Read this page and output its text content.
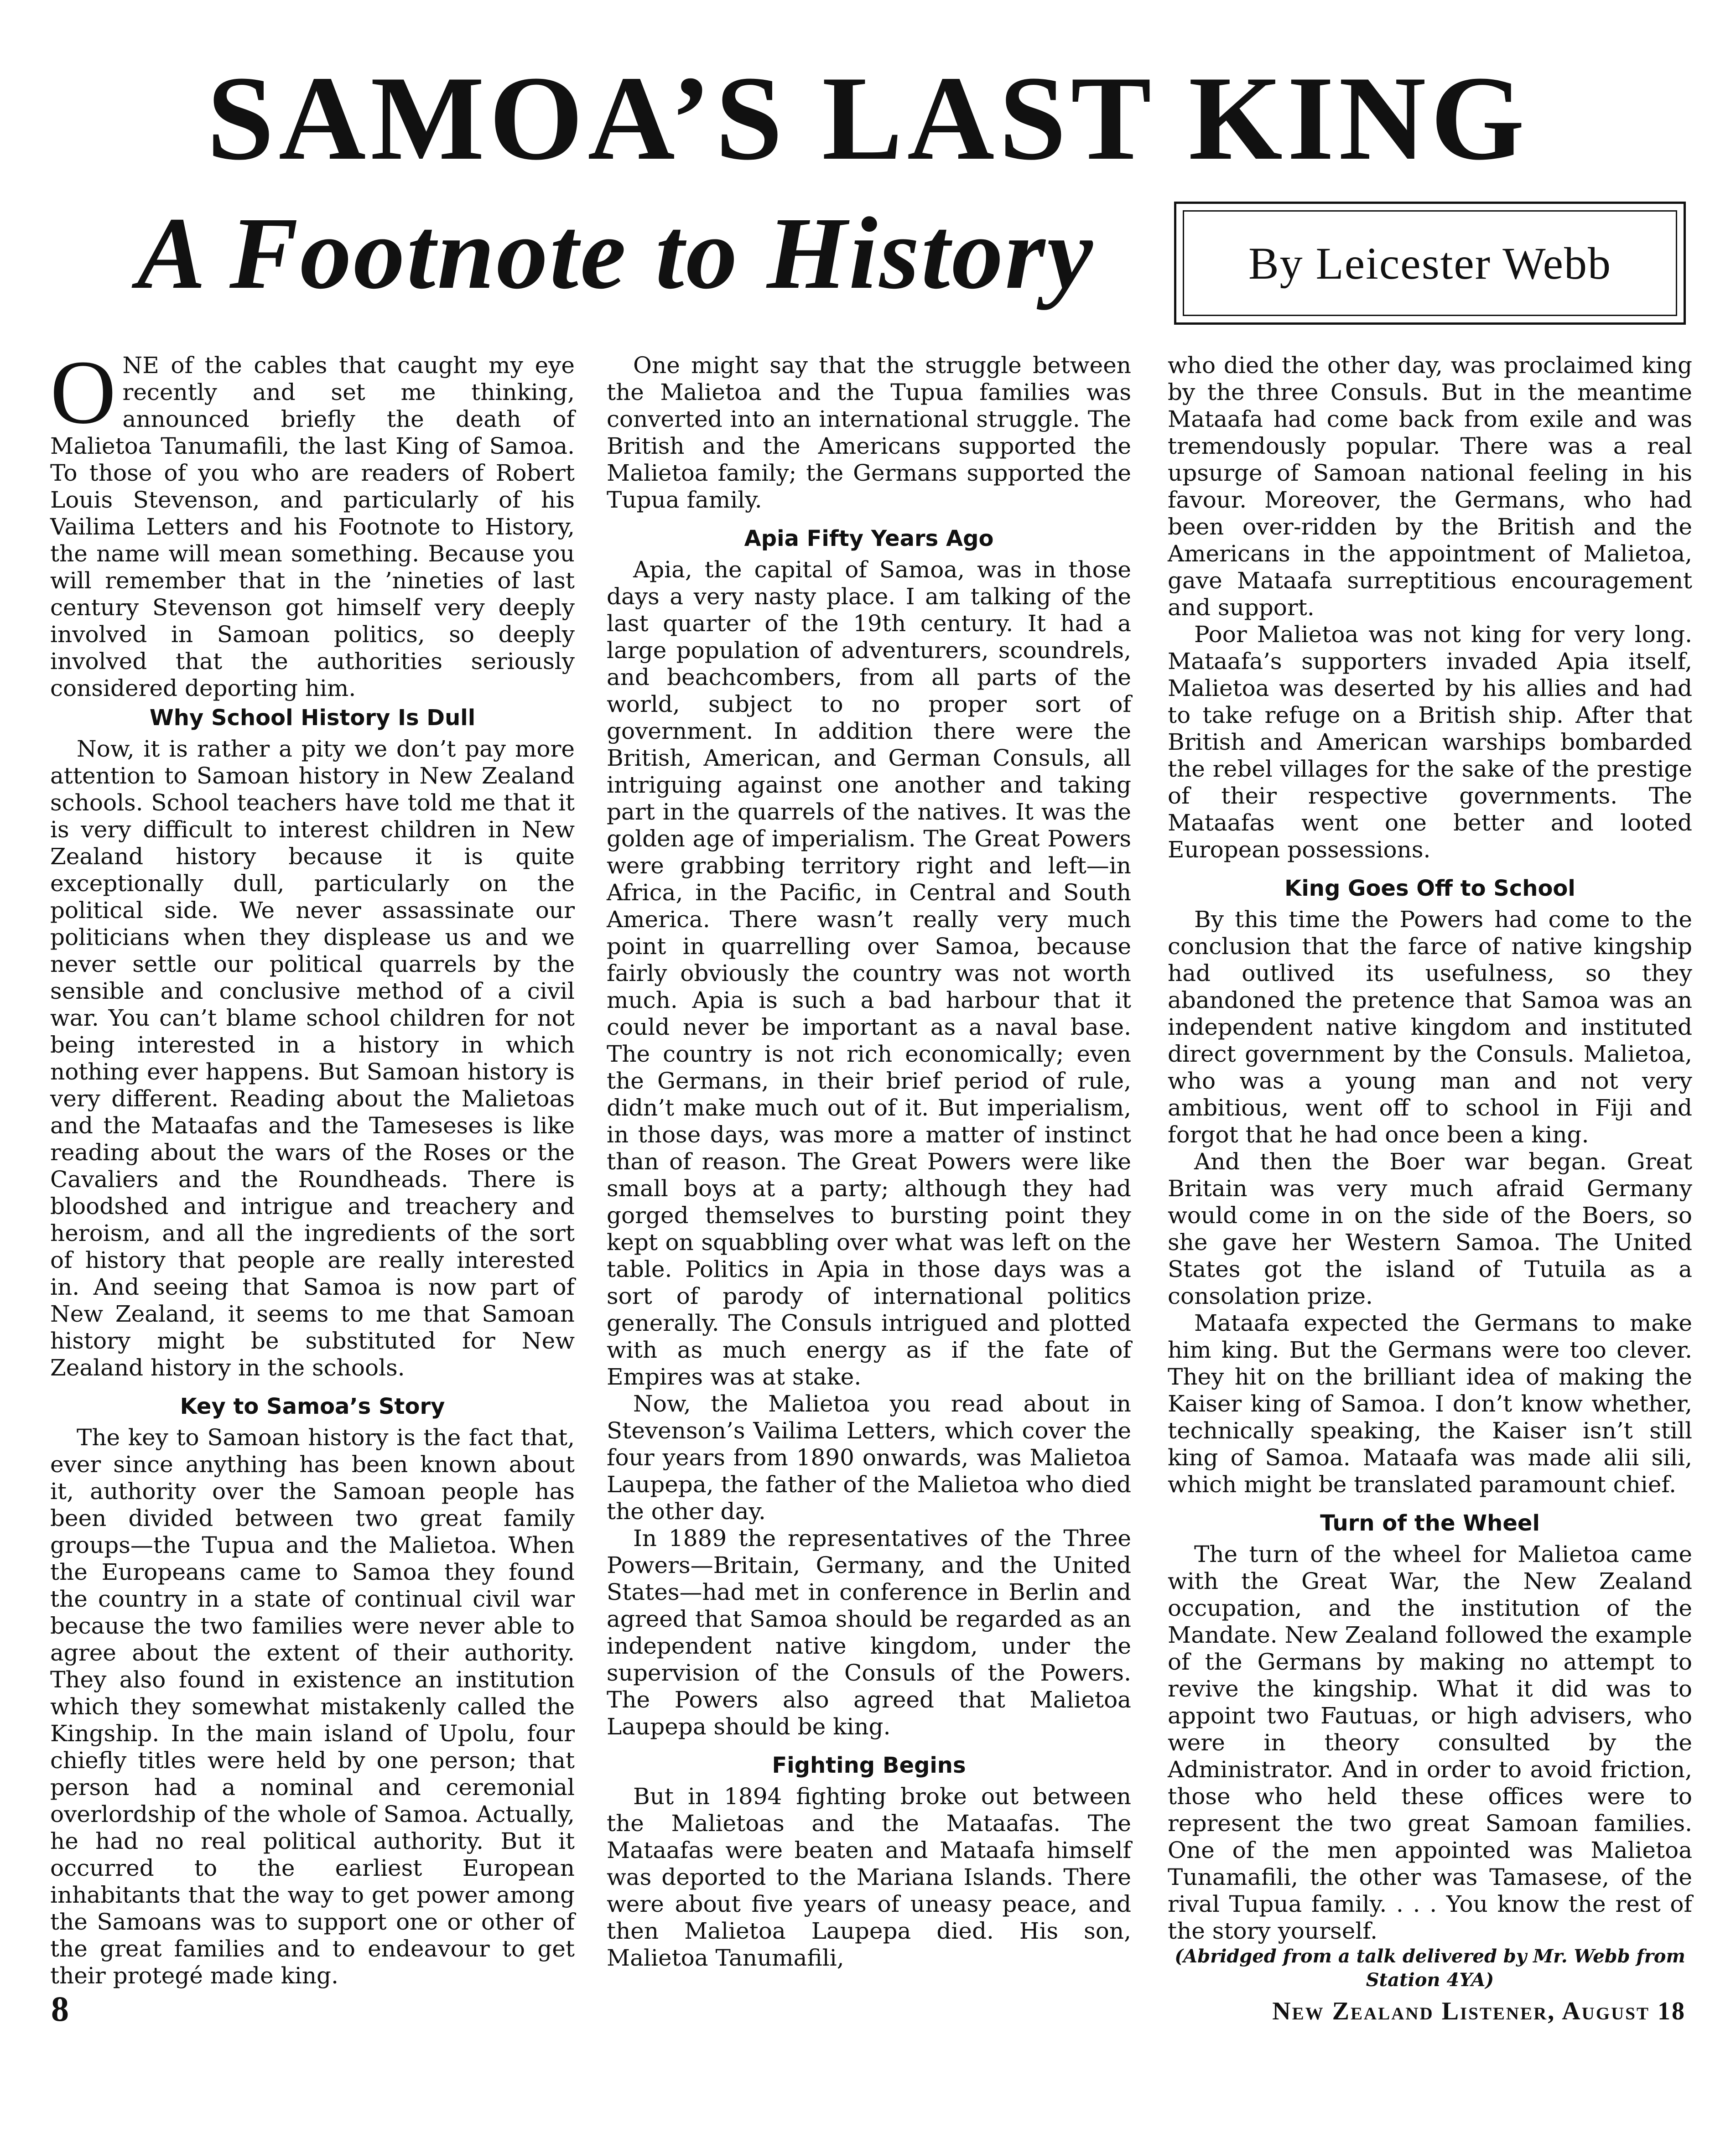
SAMOA’S LAST KING
A Footnote to History	By Leicester Webb

ONE of the cables that caught my eye recently and set me thinking, announced briefly the death of Malietoa Tanumafili, the last King of Samoa. To those of you who are readers of Robert Louis Stevenson, and particularly of his Vailima Letters and his Footnote to History, the name will mean something. Because you will remember that in the ’nineties of last century Stevenson got himself very deeply involved in Samoan politics, so deeply involved that the authorities seriously considered deporting him.

Why School History Is Dull

Now, it is rather a pity we don’t pay more attention to Samoan history in New Zealand schools. School teachers have told me that it is very difficult to interest children in New Zealand history because it is quite exceptionally dull, particularly on the political side. We never assassinate our politicians when they displease us and we never settle our political quarrels by the sensible and conclusive method of a civil war. You can’t blame school children for not being interested in a history in which nothing ever happens. But Samoan history is very different. Reading about the Malietoas and the Mataafas and the Tameseses is like reading about the wars of the Roses or the Cavaliers and the Roundheads. There is bloodshed and intrigue and treachery and heroism, and all the ingredients of the sort of history that people are really interested in. And seeing that Samoa is now part of New Zealand, it seems to me that Samoan history might be substituted for New Zealand history in the schools.

Key to Samoa’s Story

The key to Samoan history is the fact that, ever since anything has been known about it, authority over the Samoan people has been divided between two great family groups—the Tupua and the Malietoa. When the Europeans came to Samoa they found the country in a state of continual civil war because the two families were never able to agree about the extent of their authority. They also found in existence an institution which they somewhat mistakenly called the Kingship. In the main island of Upolu, four chiefly titles were held by one person; that person had a nominal and ceremonial overlordship of the whole of Samoa. Actually, he had no real political authority. But it occurred to the earliest European inhabitants that the way to get power among the Samoans was to support one or other of the great families and to endeavour to get their protegé made king.

One might say that the struggle between the Malietoa and the Tupua families was converted into an international struggle. The British and the Americans supported the Malietoa family; the Germans supported the Tupua family.

Apia Fifty Years Ago

Apia, the capital of Samoa, was in those days a very nasty place. I am talking of the last quarter of the 19th century. It had a large population of adventurers, scoundrels, and beachcombers, from all parts of the world, subject to no proper sort of government. In addition there were the British, American, and German Consuls, all intriguing against one another and taking part in the quarrels of the natives. It was the golden age of imperialism. The Great Powers were grabbing territory right and left—in Africa, in the Pacific, in Central and South America. There wasn’t really very much point in quarrelling over Samoa, because fairly obviously the country was not worth much. Apia is such a bad harbour that it could never be important as a naval base. The country is not rich economically; even the Germans, in their brief period of rule, didn’t make much out of it. But imperialism, in those days, was more a matter of instinct than of reason. The Great Powers were like small boys at a party; although they had gorged themselves to bursting point they kept on squabbling over what was left on the table. Politics in Apia in those days was a sort of parody of international politics generally. The Consuls intrigued and plotted with as much energy as if the fate of Empires was at stake.

Now, the Malietoa you read about in Stevenson’s Vailima Letters, which cover the four years from 1890 onwards, was Malietoa Laupepa, the father of the Malietoa who died the other day.

In 1889 the representatives of the Three Powers—Britain, Germany, and the United States—had met in conference in Berlin and agreed that Samoa should be regarded as an independent native kingdom, under the supervision of the Consuls of the Powers. The Powers also agreed that Malietoa Laupepa should be king.

Fighting Begins

But in 1894 fighting broke out between the Malietoas and the Mataafas. The Mataafas were beaten and Mataafa himself was deported to the Mariana Islands. There were about five years of uneasy peace, and then Malietoa Laupepa died. His son, Malietoa Tanumafili,

who died the other day, was proclaimed king by the three Consuls. But in the meantime Mataafa had come back from exile and was tremendously popular. There was a real upsurge of Samoan national feeling in his favour. Moreover, the Germans, who had been over-ridden by the British and the Americans in the appointment of Malietoa, gave Mataafa surreptitious encouragement and support.

Poor Malietoa was not king for very long. Mataafa’s supporters invaded Apia itself, Malietoa was deserted by his allies and had to take refuge on a British ship. After that British and American warships bombarded the rebel villages for the sake of the prestige of their respective governments. The Mataafas went one better and looted European possessions.

King Goes Off to School

By this time the Powers had come to the conclusion that the farce of native kingship had outlived its usefulness, so they abandoned the pretence that Samoa was an independent native kingdom and instituted direct government by the Consuls. Malietoa, who was a young man and not very ambitious, went off to school in Fiji and forgot that he had once been a king.

And then the Boer war began. Great Britain was very much afraid Germany would come in on the side of the Boers, so she gave her Western Samoa. The United States got the island of Tutuila as a consolation prize.

Mataafa expected the Germans to make him king. But the Germans were too clever. They hit on the brilliant idea of making the Kaiser king of Samoa. I don’t know whether, technically speaking, the Kaiser isn’t still king of Samoa. Mataafa was made alii sili, which might be translated paramount chief.

Turn of the Wheel

The turn of the wheel for Malietoa came with the Great War, the New Zealand occupation, and the institution of the Mandate. New Zealand followed the example of the Germans by making no attempt to revive the kingship. What it did was to appoint two Fautuas, or high advisers, who were in theory consulted by the Administrator. And in order to avoid friction, those who held these offices were to represent the two great Samoan families. One of the men appointed was Malietoa Tunamafili, the other was Tamasese, of the rival Tupua family. . . . You know the rest of the story yourself.

(Abridged from a talk delivered by Mr. Webb from Station 4YA)

8	New Zealand Listener, August 18
